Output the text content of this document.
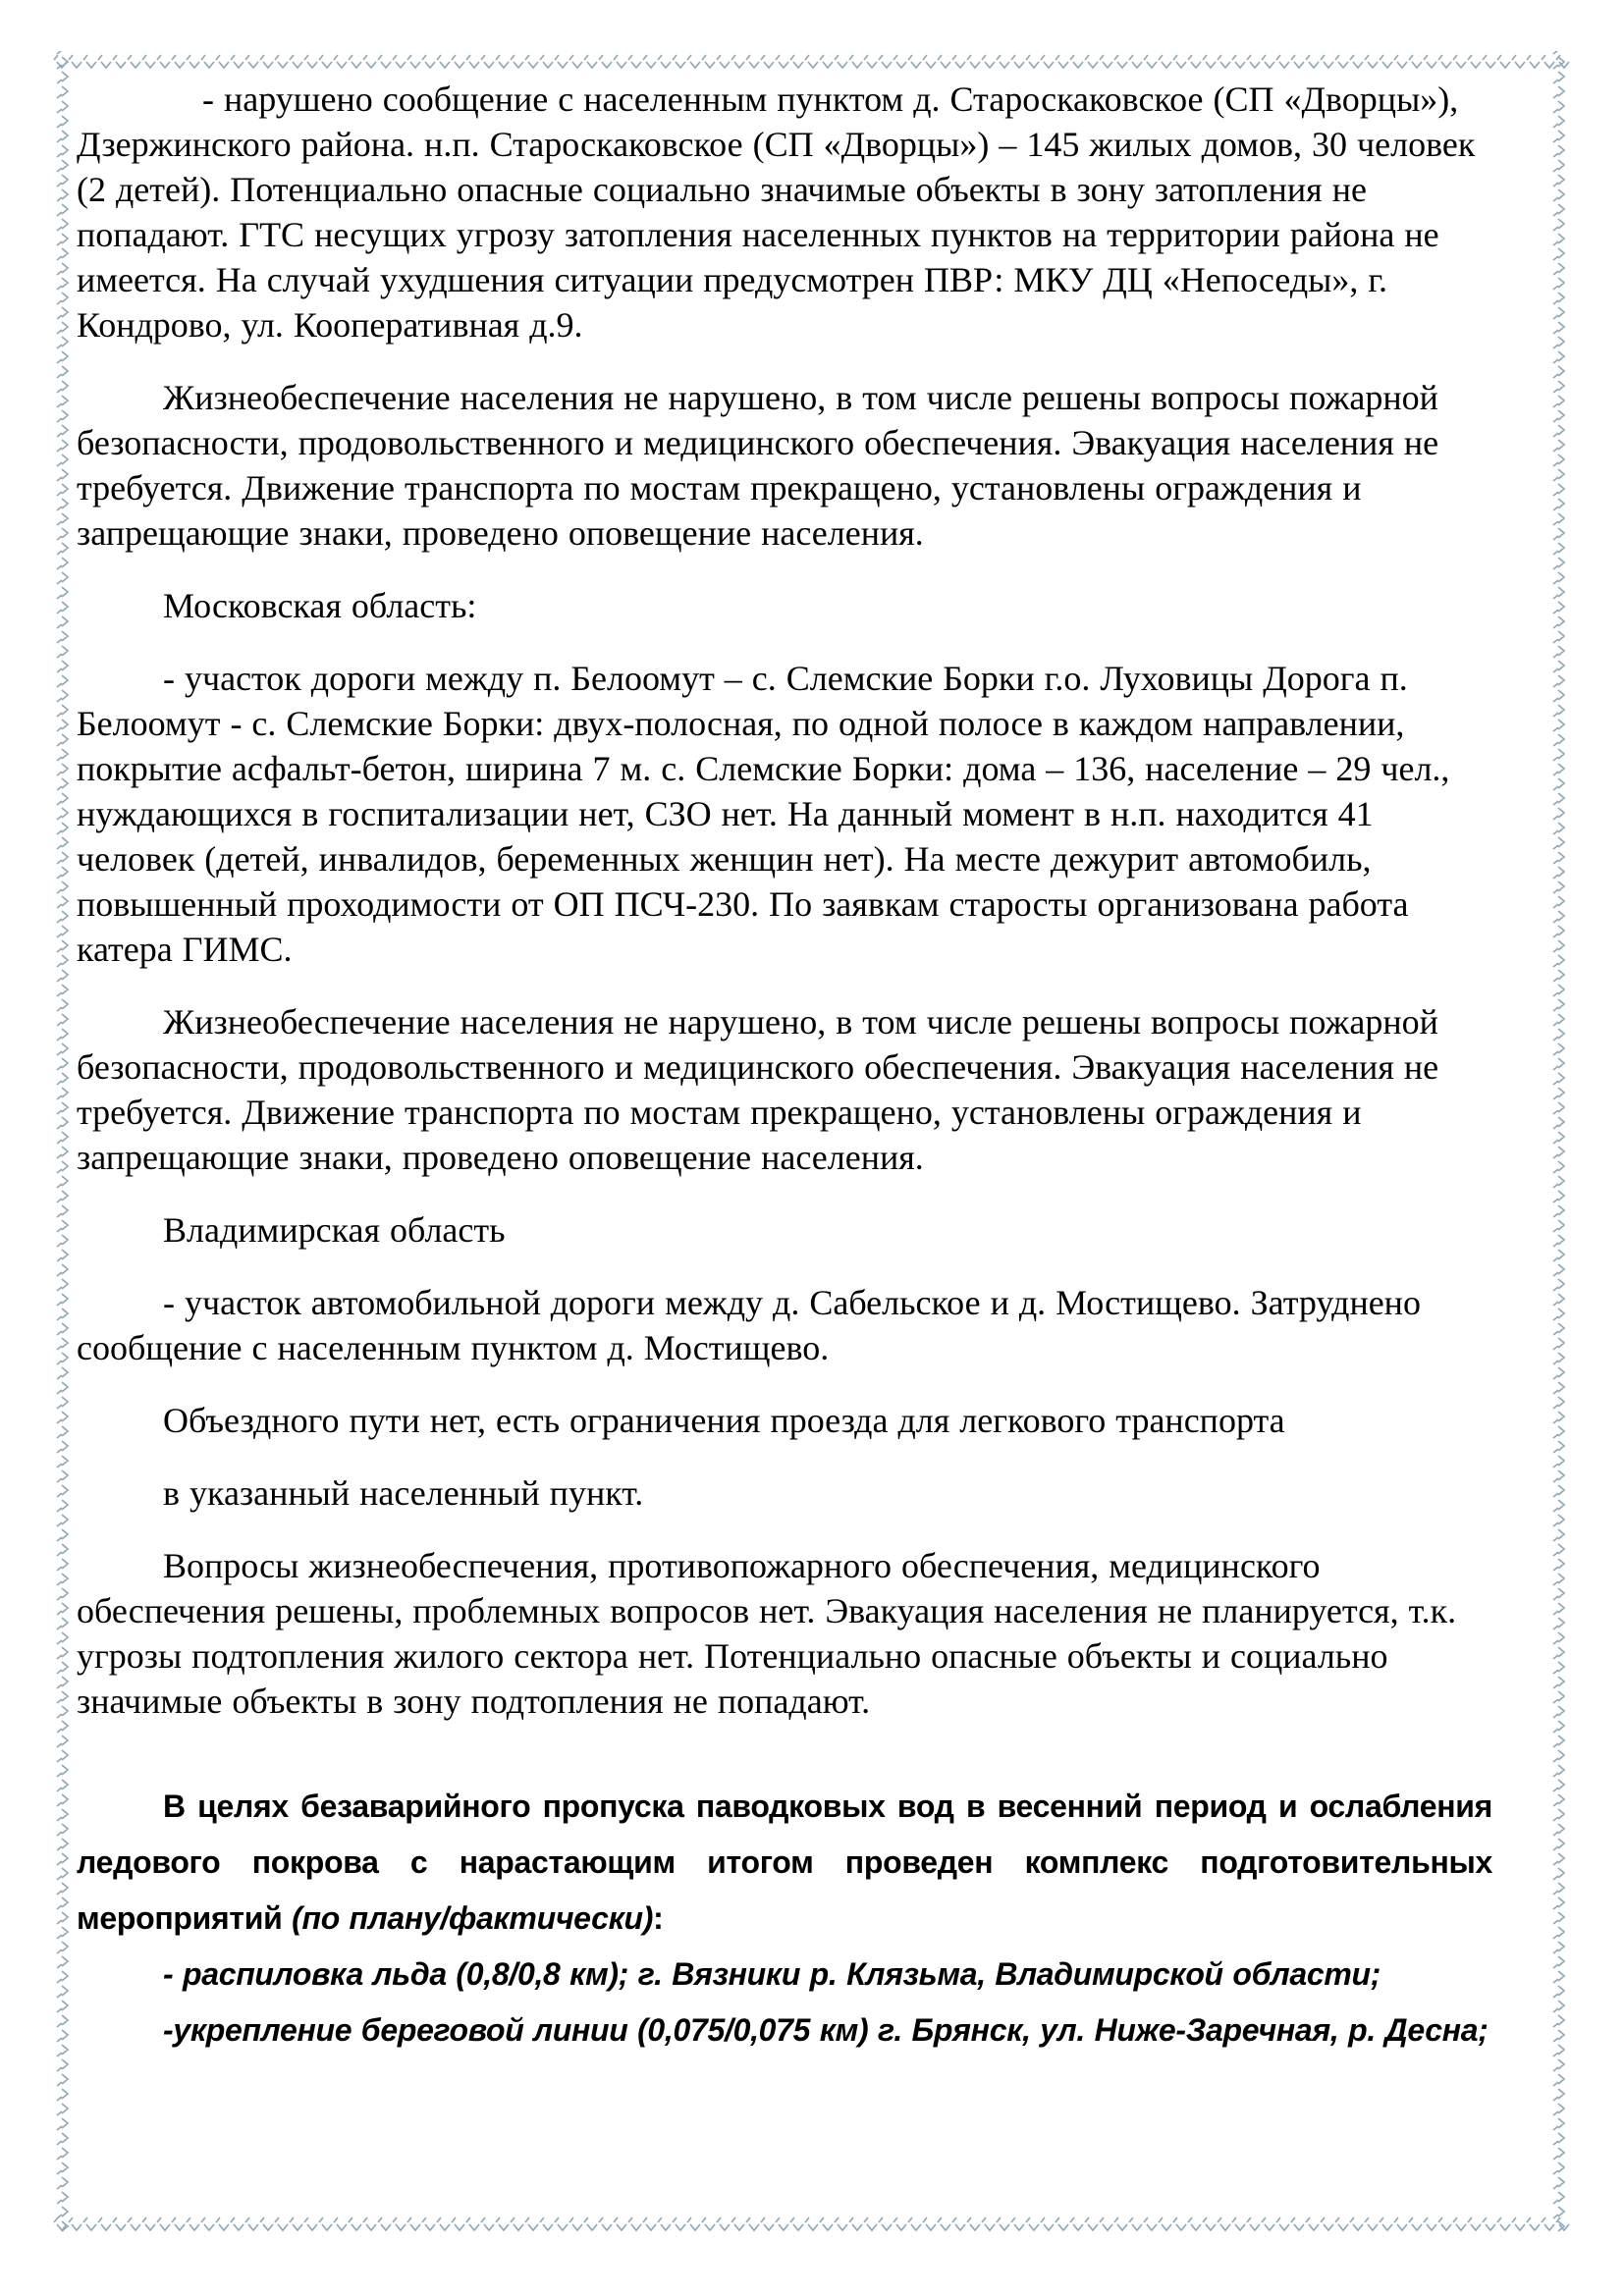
- нарушено сообщение с населенным пунктом д. Староскаковское (СП «Дворцы»), Дзержинского района. н.п. Староскаковское (СП «Дворцы») – 145 жилых домов, 30 человек (2 детей). Потенциально опасные социально значимые объекты в зону затопления не попадают. ГТС несущих угрозу затопления населенных пунктов на территории района не имеется. На случай ухудшения ситуации предусмотрен ПВР: МКУ ДЦ «Непоседы», г. Кондрово, ул. Кооперативная д.9.

Жизнеобеспечение населения не нарушено, в том числе решены вопросы пожарной безопасности, продовольственного и медицинского обеспечения. Эвакуация населения не требуется. Движение транспорта по мостам прекращено, установлены ограждения и запрещающие знаки, проведено оповещение населения.

Московская область:

- участок дороги между п. Белоомут – с. Слемские Борки г.о. Луховицы Дорога п. Белоомут - с. Слемские Борки: двух-полосная, по одной полосе в каждом направлении, покрытие асфальт-бетон, ширина 7 м. с. Слемские Борки: дома – 136, население – 29 чел., нуждающихся в госпитализации нет, СЗО нет. На данный момент в н.п. находится 41 человек (детей, инвалидов, беременных женщин нет). На месте дежурит автомобиль, повышенный проходимости от ОП ПСЧ-230. По заявкам старосты организована работа катера ГИМС.

Жизнеобеспечение населения не нарушено, в том числе решены вопросы пожарной безопасности, продовольственного и медицинского обеспечения. Эвакуация населения не требуется. Движение транспорта по мостам прекращено, установлены ограждения и запрещающие знаки, проведено оповещение населения.

Владимирская область

- участок автомобильной дороги между д. Сабельское и д. Мостищево. Затруднено сообщение с населенным пунктом д. Мостищево.

Объездного пути нет, есть ограничения проезда для легкового транспорта

в указанный населенный пункт.

Вопросы жизнеобеспечения, противопожарного обеспечения, медицинского обеспечения решены, проблемных вопросов нет. Эвакуация населения не планируется, т.к. угрозы подтопления жилого сектора нет. Потенциально опасные объекты и социально значимые объекты в зону подтопления не попадают.

В целях безаварийного пропуска паводковых вод в весенний период и ослабления ледового покрова с нарастающим итогом проведен комплекс подготовительных мероприятий (по плану/фактически):

- распиловка льда (0,8/0,8 км); г. Вязники р. Клязьма, Владимирской области;

-укрепление береговой линии (0,075/0,075 км) г. Брянск, ул. Ниже-Заречная, р. Десна;
